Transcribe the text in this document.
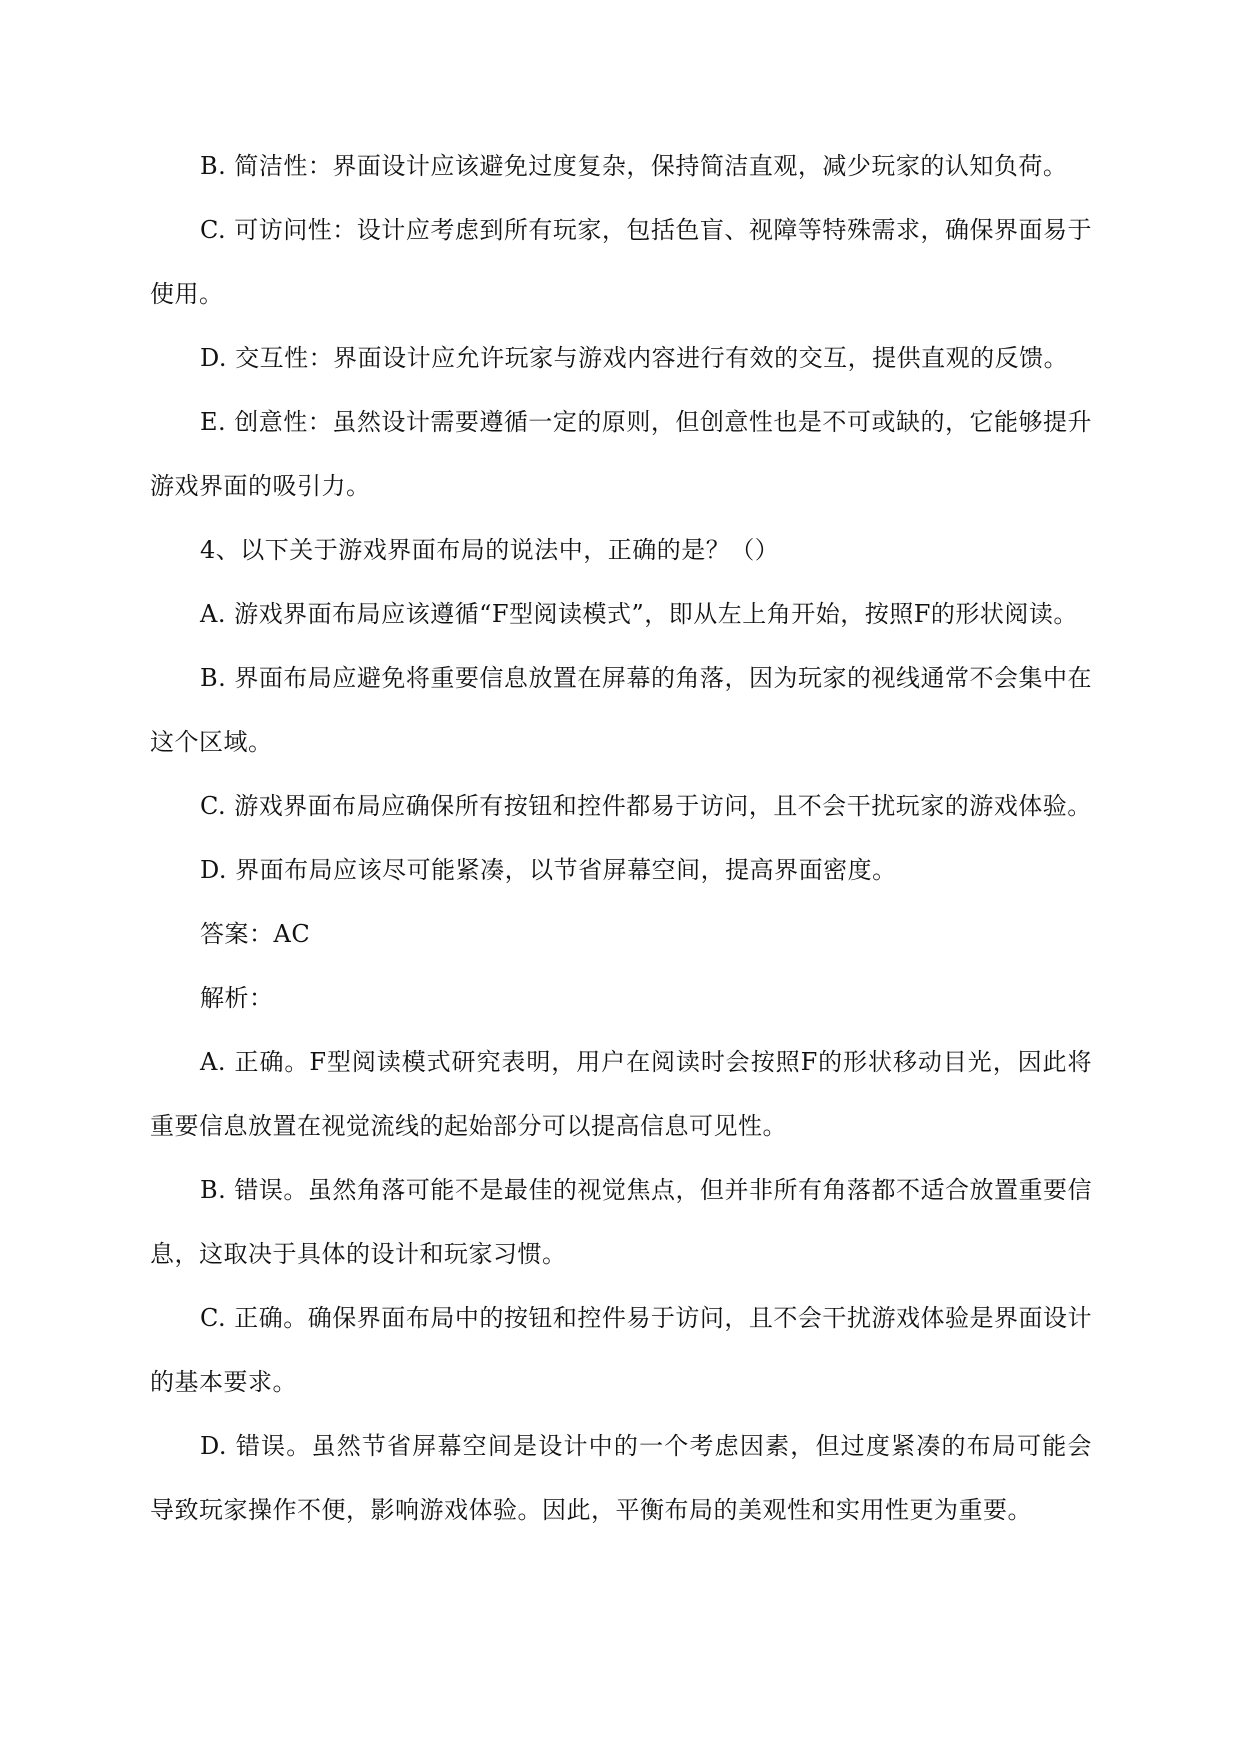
B. 简洁性：界面设计应该避免过度复杂，保持简洁直观，减少玩家的认知负荷。

C. 可访问性：设计应考虑到所有玩家，包括色盲、视障等特殊需求，确保界面易于使用。

D. 交互性：界面设计应允许玩家与游戏内容进行有效的交互，提供直观的反馈。

E. 创意性：虽然设计需要遵循一定的原则，但创意性也是不可或缺的，它能够提升游戏界面的吸引力。

4、以下关于游戏界面布局的说法中，正确的是？（）

A. 游戏界面布局应该遵循“F型阅读模式”，即从左上角开始，按照F的形状阅读。

B. 界面布局应避免将重要信息放置在屏幕的角落，因为玩家的视线通常不会集中在这个区域。

C. 游戏界面布局应确保所有按钮和控件都易于访问，且不会干扰玩家的游戏体验。

D. 界面布局应该尽可能紧凑，以节省屏幕空间，提高界面密度。

答案：AC

解析：

A. 正确。F型阅读模式研究表明，用户在阅读时会按照F的形状移动目光，因此将重要信息放置在视觉流线的起始部分可以提高信息可见性。

B. 错误。虽然角落可能不是最佳的视觉焦点，但并非所有角落都不适合放置重要信息，这取决于具体的设计和玩家习惯。

C. 正确。确保界面布局中的按钮和控件易于访问，且不会干扰游戏体验是界面设计的基本要求。

D. 错误。虽然节省屏幕空间是设计中的一个考虑因素，但过度紧凑的布局可能会导致玩家操作不便，影响游戏体验。因此，平衡布局的美观性和实用性更为重要。
